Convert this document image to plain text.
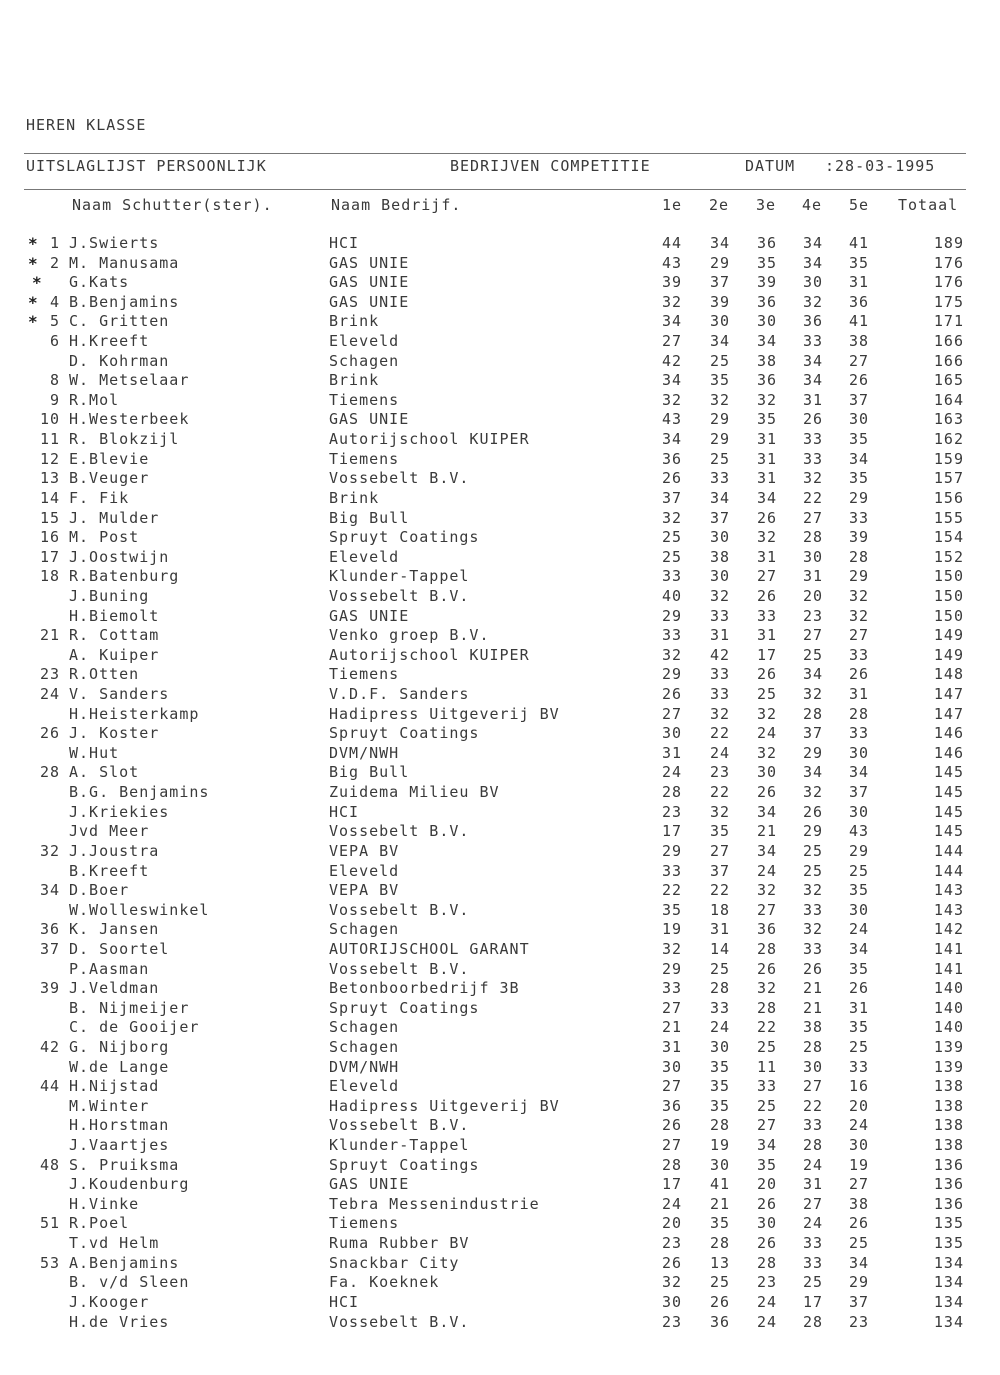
HEREN KLASSE
UITSLAGLIJST PERSOONLIJK	BEDRIJVEN COMPETITIE	DATUM :28-03-1995
Naam Schutter(ster).	Naam Bedrijf.	1e 2e 3e 4e 5e Totaal
* 1 J.Swierts	HCI	44	34	36	34	41	189
* 2 M. Manusama	GAS UNIE	43	29	35	34	35	176
* G.Kats	GAS UNIE	39	37	39	30	31	176
* 4 B.Benjamins	GAS UNIE	32	39	36	32	36	175
* 5 C. Gritten	Brink	34	30	30	36	41	171
6 H.Kreeft	Eleveld	27	34	34	33	38	166
D. Kohrman	Schagen	42	25	38	34	27	166
8 W. Metselaar	Brink	34	35	36	34	26	165
9 R.Mol	Tiemens	32	32	32	31	37	164
10 H.Westerbeek	GAS UNIE	43	29	35	26	30	163
11 R. Blokzijl	Autorijschool KUIPER	34	29	31	33	35	162
12 E.Blevie	Tiemens	36	25	31	33	34	159
13 B.Veuger	Vossebelt B.V.	26	33	31	32	35	157
14 F. Fik	Brink	37	34	34	22	29	156
15 J. Mulder	Big Bull	32	37	26	27	33	155
16 M. Post	Spruyt Coatings	25	30	32	28	39	154
17 J.Oostwijn	Eleveld	25	38	31	30	28	152
18 R.Batenburg	Klunder-Tappel	33	30	27	31	29	150
J.Buning	Vossebelt B.V.	40	32	26	20	32	150
H.Biemolt	GAS UNIE	29	33	33	23	32	150
21 R. Cottam	Venko groep B.V.	33	31	31	27	27	149
A. Kuiper	Autorijschool KUIPER	32	42	17	25	33	149
23 R.Otten	Tiemens	29	33	26	34	26	148
24 V. Sanders	V.D.F. Sanders	26	33	25	32	31	147
H.Heisterkamp	Hadipress Uitgeverij BV	27	32	32	28	28	147
26 J. Koster	Spruyt Coatings	30	22	24	37	33	146
W.Hut	DVM/NWH	31	24	32	29	30	146
28 A. Slot	Big Bull	24	23	30	34	34	145
B.G. Benjamins	Zuidema Milieu BV	28	22	26	32	37	145
J.Kriekies	HCI	23	32	34	26	30	145
Jvd Meer	Vossebelt B.V.	17	35	21	29	43	145
32 J.Joustra	VEPA BV	29	27	34	25	29	144
B.Kreeft	Eleveld	33	37	24	25	25	144
34 D.Boer	VEPA BV	22	22	32	32	35	143
W.Wolleswinkel	Vossebelt B.V.	35	18	27	33	30	143
36 K. Jansen	Schagen	19	31	36	32	24	142
37 D. Soortel	AUTORIJSCHOOL GARANT	32	14	28	33	34	141
P.Aasman	Vossebelt B.V.	29	25	26	26	35	141
39 J.Veldman	Betonboorbedrijf 3B	33	28	32	21	26	140
B. Nijmeijer	Spruyt Coatings	27	33	28	21	31	140
C. de Gooijer	Schagen	21	24	22	38	35	140
42 G. Nijborg	Schagen	31	30	25	28	25	139
W.de Lange	DVM/NWH	30	35	11	30	33	139
44 H.Nijstad	Eleveld	27	35	33	27	16	138
M.Winter	Hadipress Uitgeverij BV	36	35	25	22	20	138
H.Horstman	Vossebelt B.V.	26	28	27	33	24	138
J.Vaartjes	Klunder-Tappel	27	19	34	28	30	138
48 S. Pruiksma	Spruyt Coatings	28	30	35	24	19	136
J.Koudenburg	GAS UNIE	17	41	20	31	27	136
H.Vinke	Tebra Messenindustrie	24	21	26	27	38	136
51 R.Poel	Tiemens	20	35	30	24	26	135
T.vd Helm	Ruma Rubber BV	23	28	26	33	25	135
53 A.Benjamins	Snackbar City	26	13	28	33	34	134
B. v/d Sleen	Fa. Koeknek	32	25	23	25	29	134
J.Kooger	HCI	30	26	24	17	37	134
H.de Vries	Vossebelt B.V.	23	36	24	28	23	134
